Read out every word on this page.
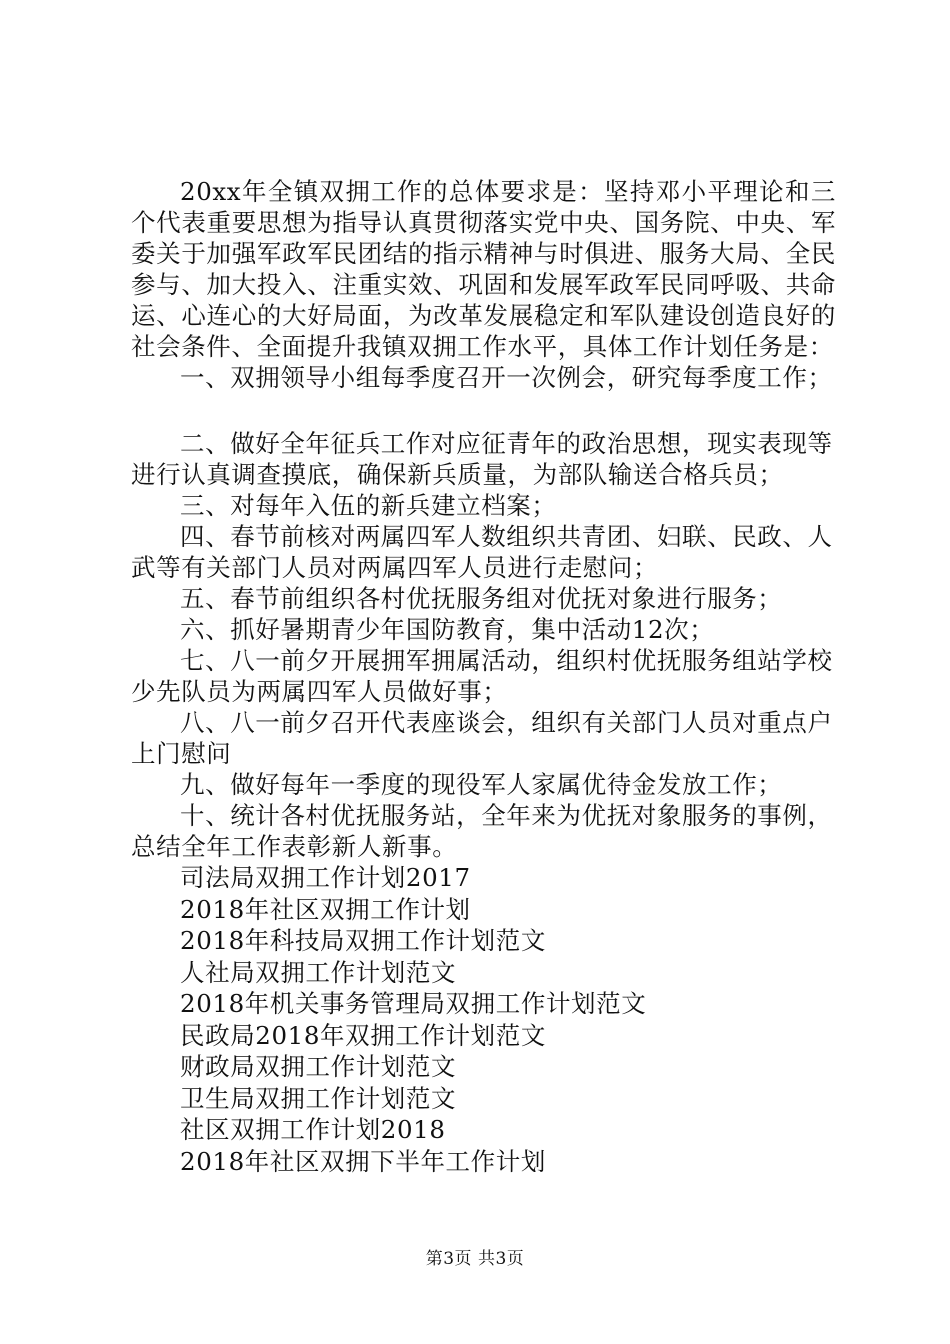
20xx年全镇双拥工作的总体要求是：坚持邓小平理论和三个代表重要思想为指导认真贯彻落实党中央、国务院、中央、军委关于加强军政军民团结的指示精神与时俱进、服务大局、全民参与、加大投入、注重实效、巩固和发展军政军民同呼吸、共命运、心连心的大好局面，为改革发展稳定和军队建设创造良好的社会条件、全面提升我镇双拥工作水平，具体工作计划任务是：

一、双拥领导小组每季度召开一次例会，研究每季度工作；

二、做好全年征兵工作对应征青年的政治思想，现实表现等进行认真调查摸底，确保新兵质量，为部队输送合格兵员；

三、对每年入伍的新兵建立档案；

四、春节前核对两属四军人数组织共青团、妇联、民政、人武等有关部门人员对两属四军人员进行走慰问；

五、春节前组织各村优抚服务组对优抚对象进行服务；

六、抓好暑期青少年国防教育，集中活动12次；

七、八一前夕开展拥军拥属活动，组织村优抚服务组站学校少先队员为两属四军人员做好事；

八、八一前夕召开代表座谈会，组织有关部门人员对重点户上门慰问

九、做好每年一季度的现役军人家属优待金发放工作；

十、统计各村优抚服务站，全年来为优抚对象服务的事例，总结全年工作表彰新人新事。

司法局双拥工作计划2017

2018年社区双拥工作计划

2018年科技局双拥工作计划范文

人社局双拥工作计划范文

2018年机关事务管理局双拥工作计划范文

民政局2018年双拥工作计划范文

财政局双拥工作计划范文

卫生局双拥工作计划范文

社区双拥工作计划2018

2018年社区双拥下半年工作计划

第3页 共3页
